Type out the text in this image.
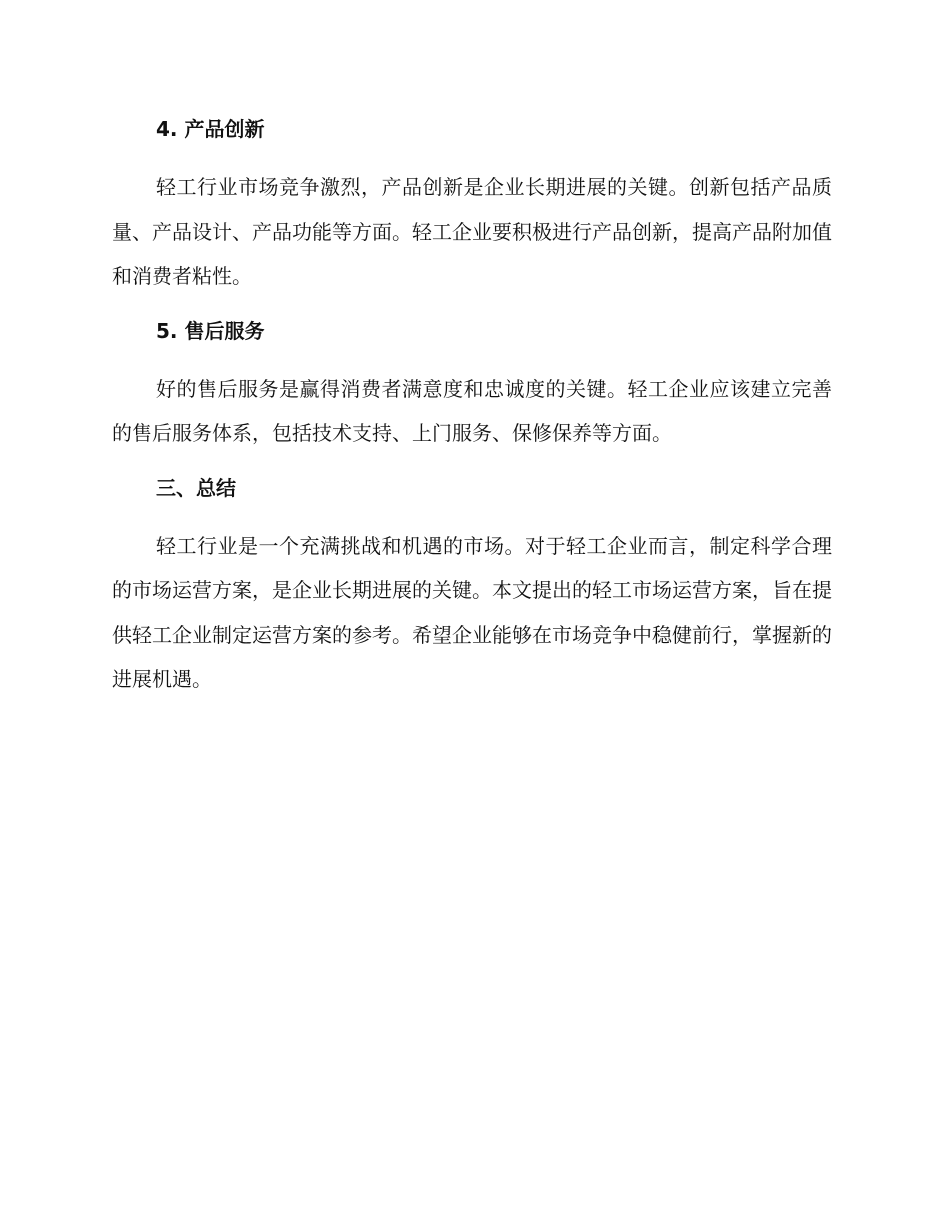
4. 产品创新

轻工行业市场竞争激烈，产品创新是企业长期进展的关键。创新包括产品质量、产品设计、产品功能等方面。轻工企业要积极进行产品创新，提高产品附加值和消费者粘性。

5. 售后服务

好的售后服务是赢得消费者满意度和忠诚度的关键。轻工企业应该建立完善的售后服务体系，包括技术支持、上门服务、保修保养等方面。

三、总结

轻工行业是一个充满挑战和机遇的市场。对于轻工企业而言，制定科学合理的市场运营方案，是企业长期进展的关键。本文提出的轻工市场运营方案，旨在提供轻工企业制定运营方案的参考。希望企业能够在市场竞争中稳健前行，掌握新的进展机遇。
